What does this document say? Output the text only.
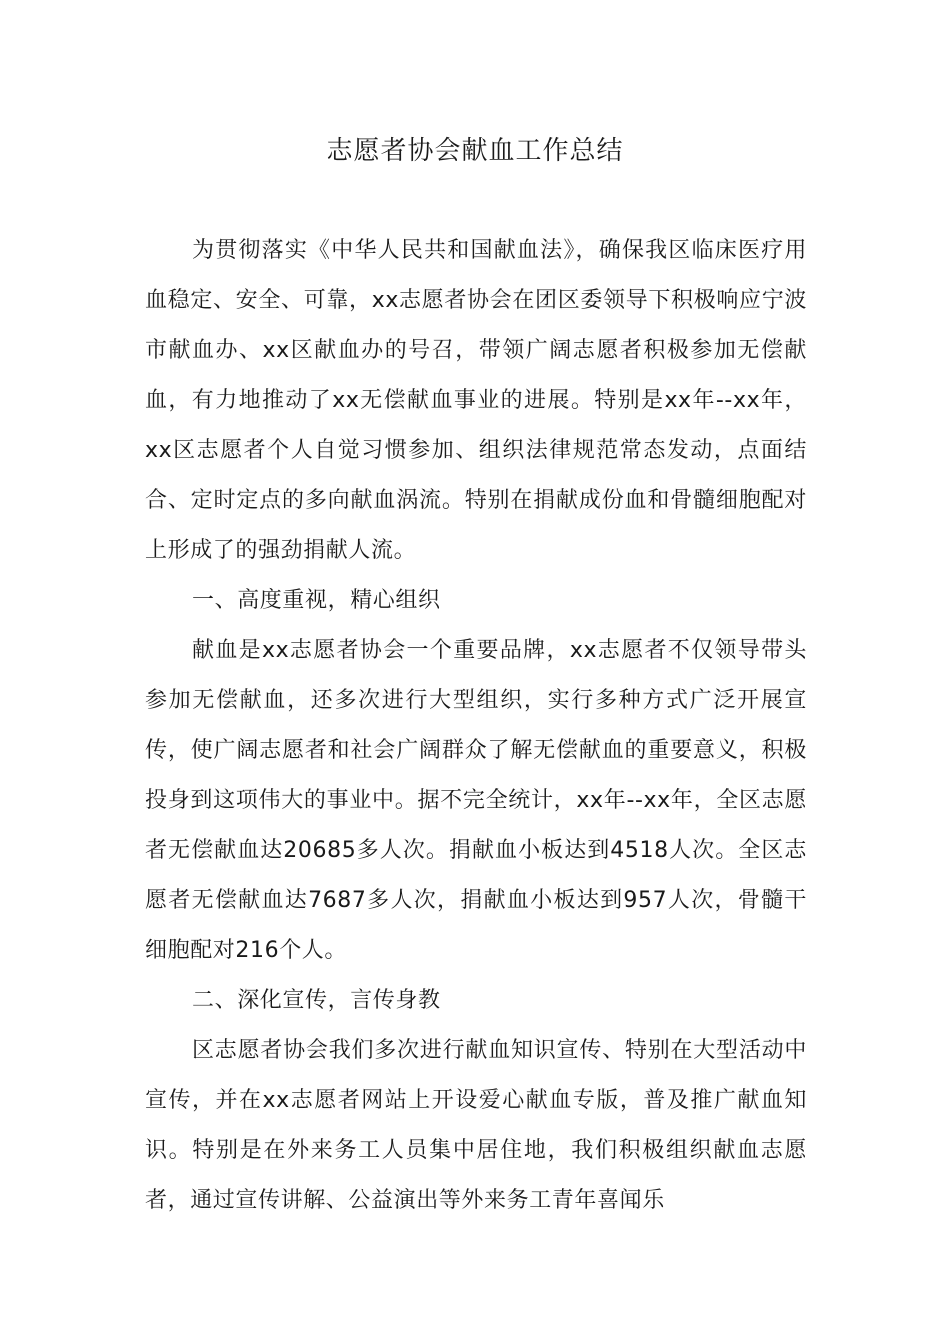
志愿者协会献血工作总结

为贯彻落实《中华人民共和国献血法》，确保我区临床医疗用血稳定、安全、可靠，xx志愿者协会在团区委领导下积极响应宁波市献血办、xx区献血办的号召，带领广阔志愿者积极参加无偿献血，有力地推动了xx无偿献血事业的进展。特别是xx年--xx年，xx区志愿者个人自觉习惯参加、组织法律规范常态发动，点面结合、定时定点的多向献血涡流。特别在捐献成份血和骨髓细胞配对上形成了的强劲捐献人流。

一、高度重视，精心组织

献血是xx志愿者协会一个重要品牌，xx志愿者不仅领导带头参加无偿献血，还多次进行大型组织，实行多种方式广泛开展宣传，使广阔志愿者和社会广阔群众了解无偿献血的重要意义，积极投身到这项伟大的事业中。据不完全统计，xx年--xx年，全区志愿者无偿献血达20685多人次。捐献血小板达到4518人次。全区志愿者无偿献血达7687多人次，捐献血小板达到957人次，骨髓干细胞配对216个人。

二、深化宣传，言传身教

区志愿者协会我们多次进行献血知识宣传、特别在大型活动中宣传，并在xx志愿者网站上开设爱心献血专版，普及推广献血知识。特别是在外来务工人员集中居住地，我们积极组织献血志愿者，通过宣传讲解、公益演出等外来务工青年喜闻乐
